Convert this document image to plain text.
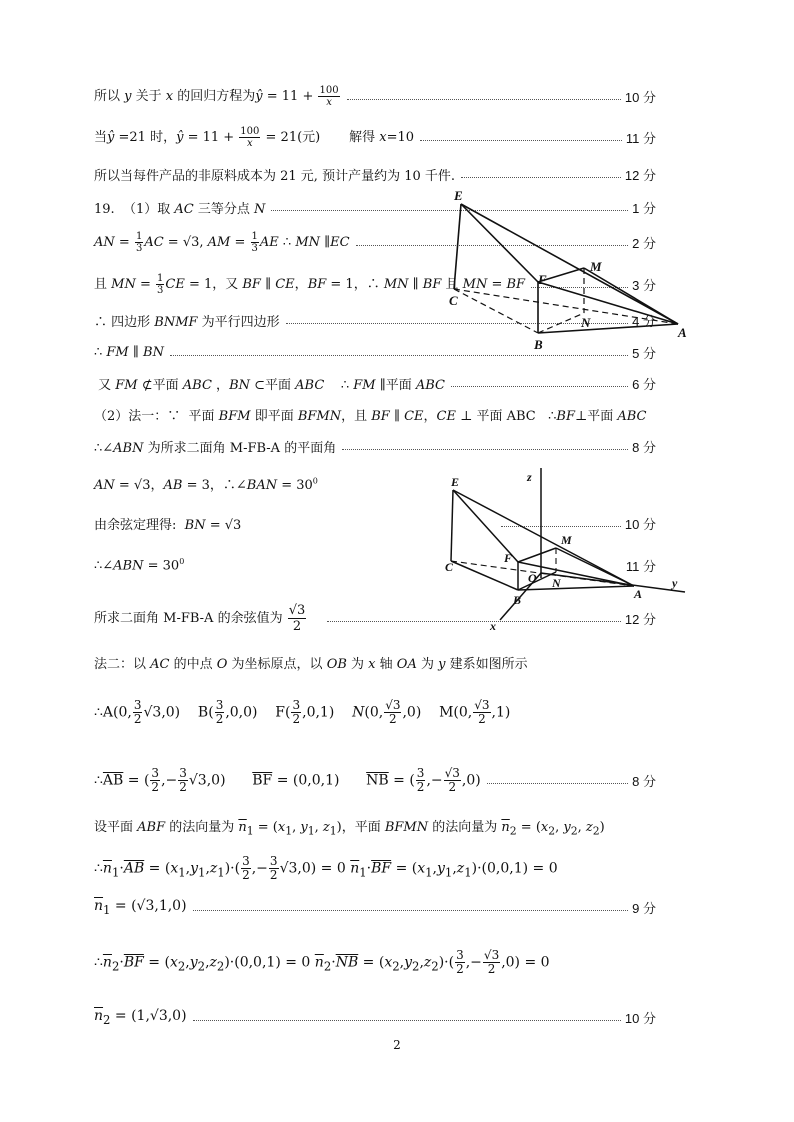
所以 y 关于 x 的回归方程为ŷ = $11 + \frac{100}{x}$	10 分
当ŷ =21 时，ŷ = $11 + \frac{100}{x} = 21$(元)       解得 x=10	11 分
所以当每件产品的非原料成本为 21 元, 预计产量约为 10 千件.	12 分
19.  （1）取 AC 三等分点 N	1 分
AN = $\frac{1}{3}$ AC = √3, AM = $\frac{1}{3}$ AE ∴ MN ∥EC	2 分
且 MN = $\frac{1}{3}$ CE = 1，又 BF ∥ CE，BF = 1，∴ MN ∥ BF 且 MN = BF	3 分
∴ 四边形 BNMF 为平行四边形	4 分
∴ FM ∥ BN	5 分
又 FM ⊄平面 ABC ，BN ⊂平面 ABC    ∴ FM ∥平面 ABC	6 分
（2）法一：∵  平面 BFM 即平面 BFMN，且 BF ∥ CE，CE ⊥ 平面 ABC   ∴BF⊥平面 ABC
∴∠ABN 为所求二面角 M-FB-A 的平面角	8 分
AN = √3，AB = 3，∴∠BAN = $30^0$
由余弦定理得:  BN = √3	10 分
∴∠ABN = $30^0$	11 分
所求二面角 M-FB-A 的余弦值为 $\frac{√3}{2}$	12 分
法二：以 AC 的中点 O 为坐标原点，以 OB 为 x 轴 OA 为 y 建系如图所示
∴A(0, $\frac{3}{2} √3,0$)    $B( \frac{3}{2} ,0,0)$    $F( \frac{3}{2} ,0,1)$    N(0, $\frac{√3}{2} ,0$)    M(0, $\frac{√3}{2} ,1$)
$\therefore\overline{AB}$ = ( $\frac{3}{2}$ ,− $\frac{3}{2} √3,0$)      $\overline{BF} = (0,0,1)$      $\overline{NB}$ = ( $\frac{3}{2}$ ,− $\frac{√3}{2} ,0$)	8 分
设平面 ABF 的法向量为 $\overline{n}_1 = (x_1$, $y_1$, $z_1$)，平面 BFMN 的法向量为 $\overline{n}_2 = (x_2$, $y_2$, $z_2$)
$\therefore\overline{n}_1\cdot\overline{AB} = (x_1,y_1,z_1)\cdot( \frac{3}{2}$ ,− $\frac{3}{2} √3,0) = 0$ $\overline{n}_1\cdot\overline{BF} = (x_1,y_1,z_1)\cdot(0,0,1) = 0$
$\overline{n}_1 = (√3,1,0)$	9 分
$\therefore\overline{n}_2\cdot\overline{BF} = (x_2,y_2,z_2)\cdot(0,0,1) = 0$ $\overline{n}_2\cdot\overline{NB} = (x_2,y_2,z_2)\cdot( \frac{3}{2}$ ,− $\frac{√3}{2} ,0) = 0$
$\overline{n}_2 = (1,√3,0)$	10 分
E
M
F
C
N
A
B
E	z
M
F
C
O N
A
y
B
x
2
